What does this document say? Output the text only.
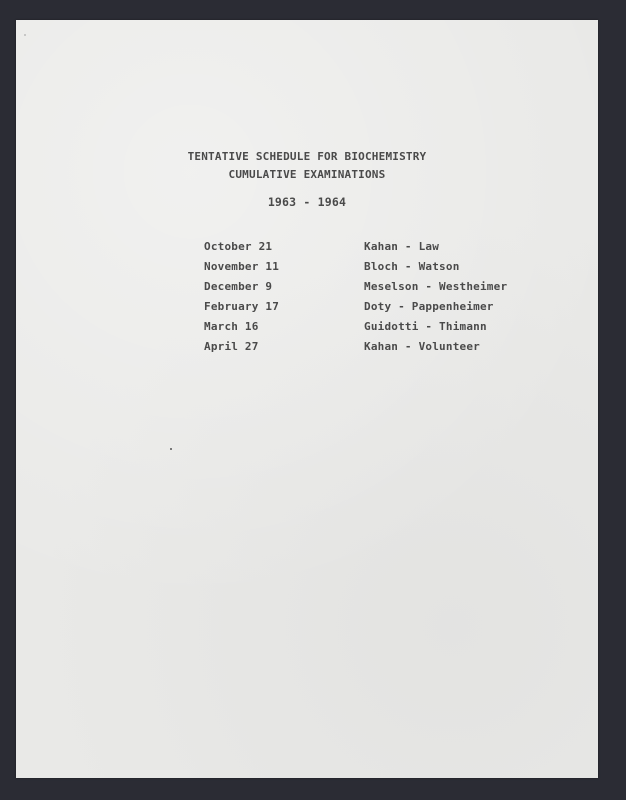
TENTATIVE SCHEDULE FOR BIOCHEMISTRY
CUMULATIVE EXAMINATIONS
1963 - 1964
October 21	Kahan - Law
November 11	Bloch - Watson
December 9	Meselson - Westheimer
February 17	Doty - Pappenheimer
March 16	Guidotti - Thimann
April 27	Kahan - Volunteer
